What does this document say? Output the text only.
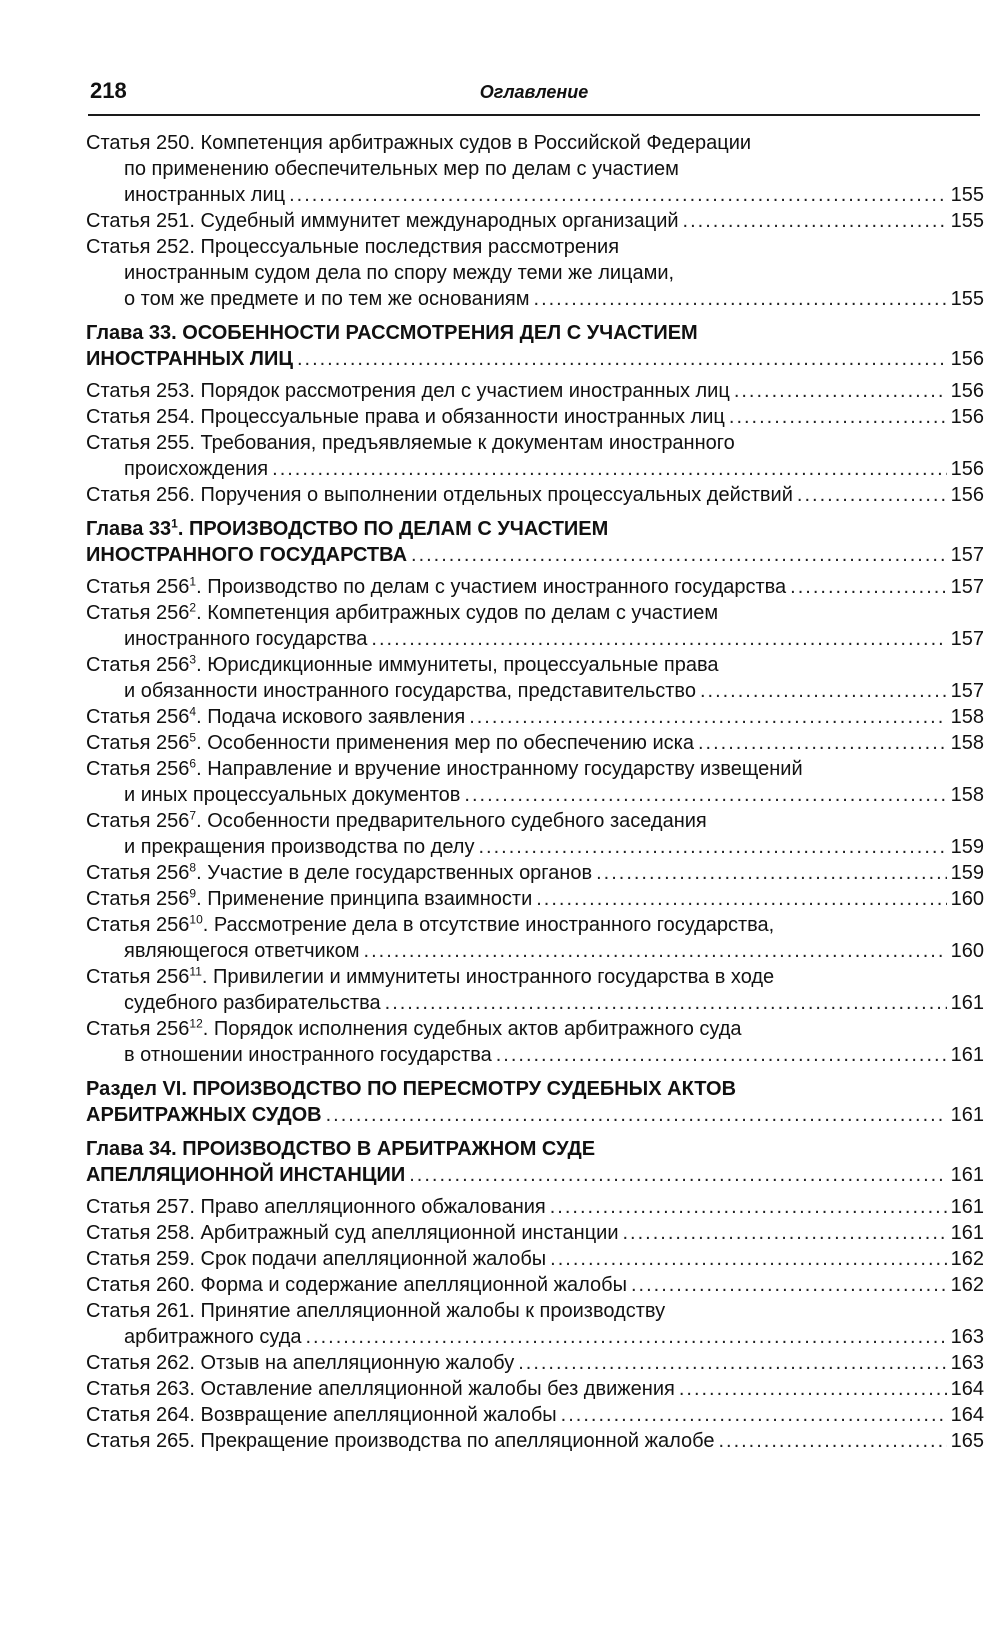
218	Оглавление
Статья 250. Компетенция арбитражных судов в Российской Федерации
по применению обеспечительных мер по делам с участием
иностранных лиц .....	155
Статья 251. Судебный иммунитет международных организаций .....	155
Статья 252. Процессуальные последствия рассмотрения
иностранным судом дела по спору между теми же лицами,
о том же предмете и по тем же основаниям .....	155
Глава 33. ОСОБЕННОСТИ РАССМОТРЕНИЯ ДЕЛ С УЧАСТИЕМ
ИНОСТРАННЫХ ЛИЦ .....	156
Статья 253. Порядок рассмотрения дел с участием иностранных лиц .....	156
Статья 254. Процессуальные права и обязанности иностранных лиц .....	156
Статья 255. Требования, предъявляемые к документам иностранного
происхождения .....	156
Статья 256. Поручения о выполнении отдельных процессуальных действий .....	156
Глава $33^1$. ПРОИЗВОДСТВО ПО ДЕЛАМ С УЧАСТИЕМ
ИНОСТРАННОГО ГОСУДАРСТВА .....	157
Статья $256^1$. Производство по делам с участием иностранного государства .....	157
Статья $256^2$. Компетенция арбитражных судов по делам с участием
иностранного государства .....	157
Статья $256^3$. Юрисдикционные иммунитеты, процессуальные права
и обязанности иностранного государства, представительство .....	157
Статья $256^4$. Подача искового заявления .....	158
Статья $256^5$. Особенности применения мер по обеспечению иска .....	158
Статья $256^6$. Направление и вручение иностранному государству извещений
и иных процессуальных документов .....	158
Статья $256^7$. Особенности предварительного судебного заседания
и прекращения производства по делу .....	159
Статья $256^8$. Участие в деле государственных органов .....	159
Статья $256^9$. Применение принципа взаимности .....	160
Статья $256^{10}$. Рассмотрение дела в отсутствие иностранного государства,
являющегося ответчиком .....	160
Статья $256^{11}$. Привилегии и иммунитеты иностранного государства в ходе
судебного разбирательства .....	161
Статья $256^{12}$. Порядок исполнения судебных актов арбитражного суда
в отношении иностранного государства .....	161
Раздел VI. ПРОИЗВОДСТВО ПО ПЕРЕСМОТРУ СУДЕБНЫХ АКТОВ
АРБИТРАЖНЫХ СУДОВ .....	161
Глава 34. ПРОИЗВОДСТВО В АРБИТРАЖНОМ СУДЕ
АПЕЛЛЯЦИОННОЙ ИНСТАНЦИИ .....	161
Статья 257. Право апелляционного обжалования .....	161
Статья 258. Арбитражный суд апелляционной инстанции .....	161
Статья 259. Срок подачи апелляционной жалобы .....	162
Статья 260. Форма и содержание апелляционной жалобы .....	162
Статья 261. Принятие апелляционной жалобы к производству
арбитражного суда .....	163
Статья 262. Отзыв на апелляционную жалобу .....	163
Статья 263. Оставление апелляционной жалобы без движения .....	164
Статья 264. Возвращение апелляционной жалобы .....	164
Статья 265. Прекращение производства по апелляционной жалобе .....	165
